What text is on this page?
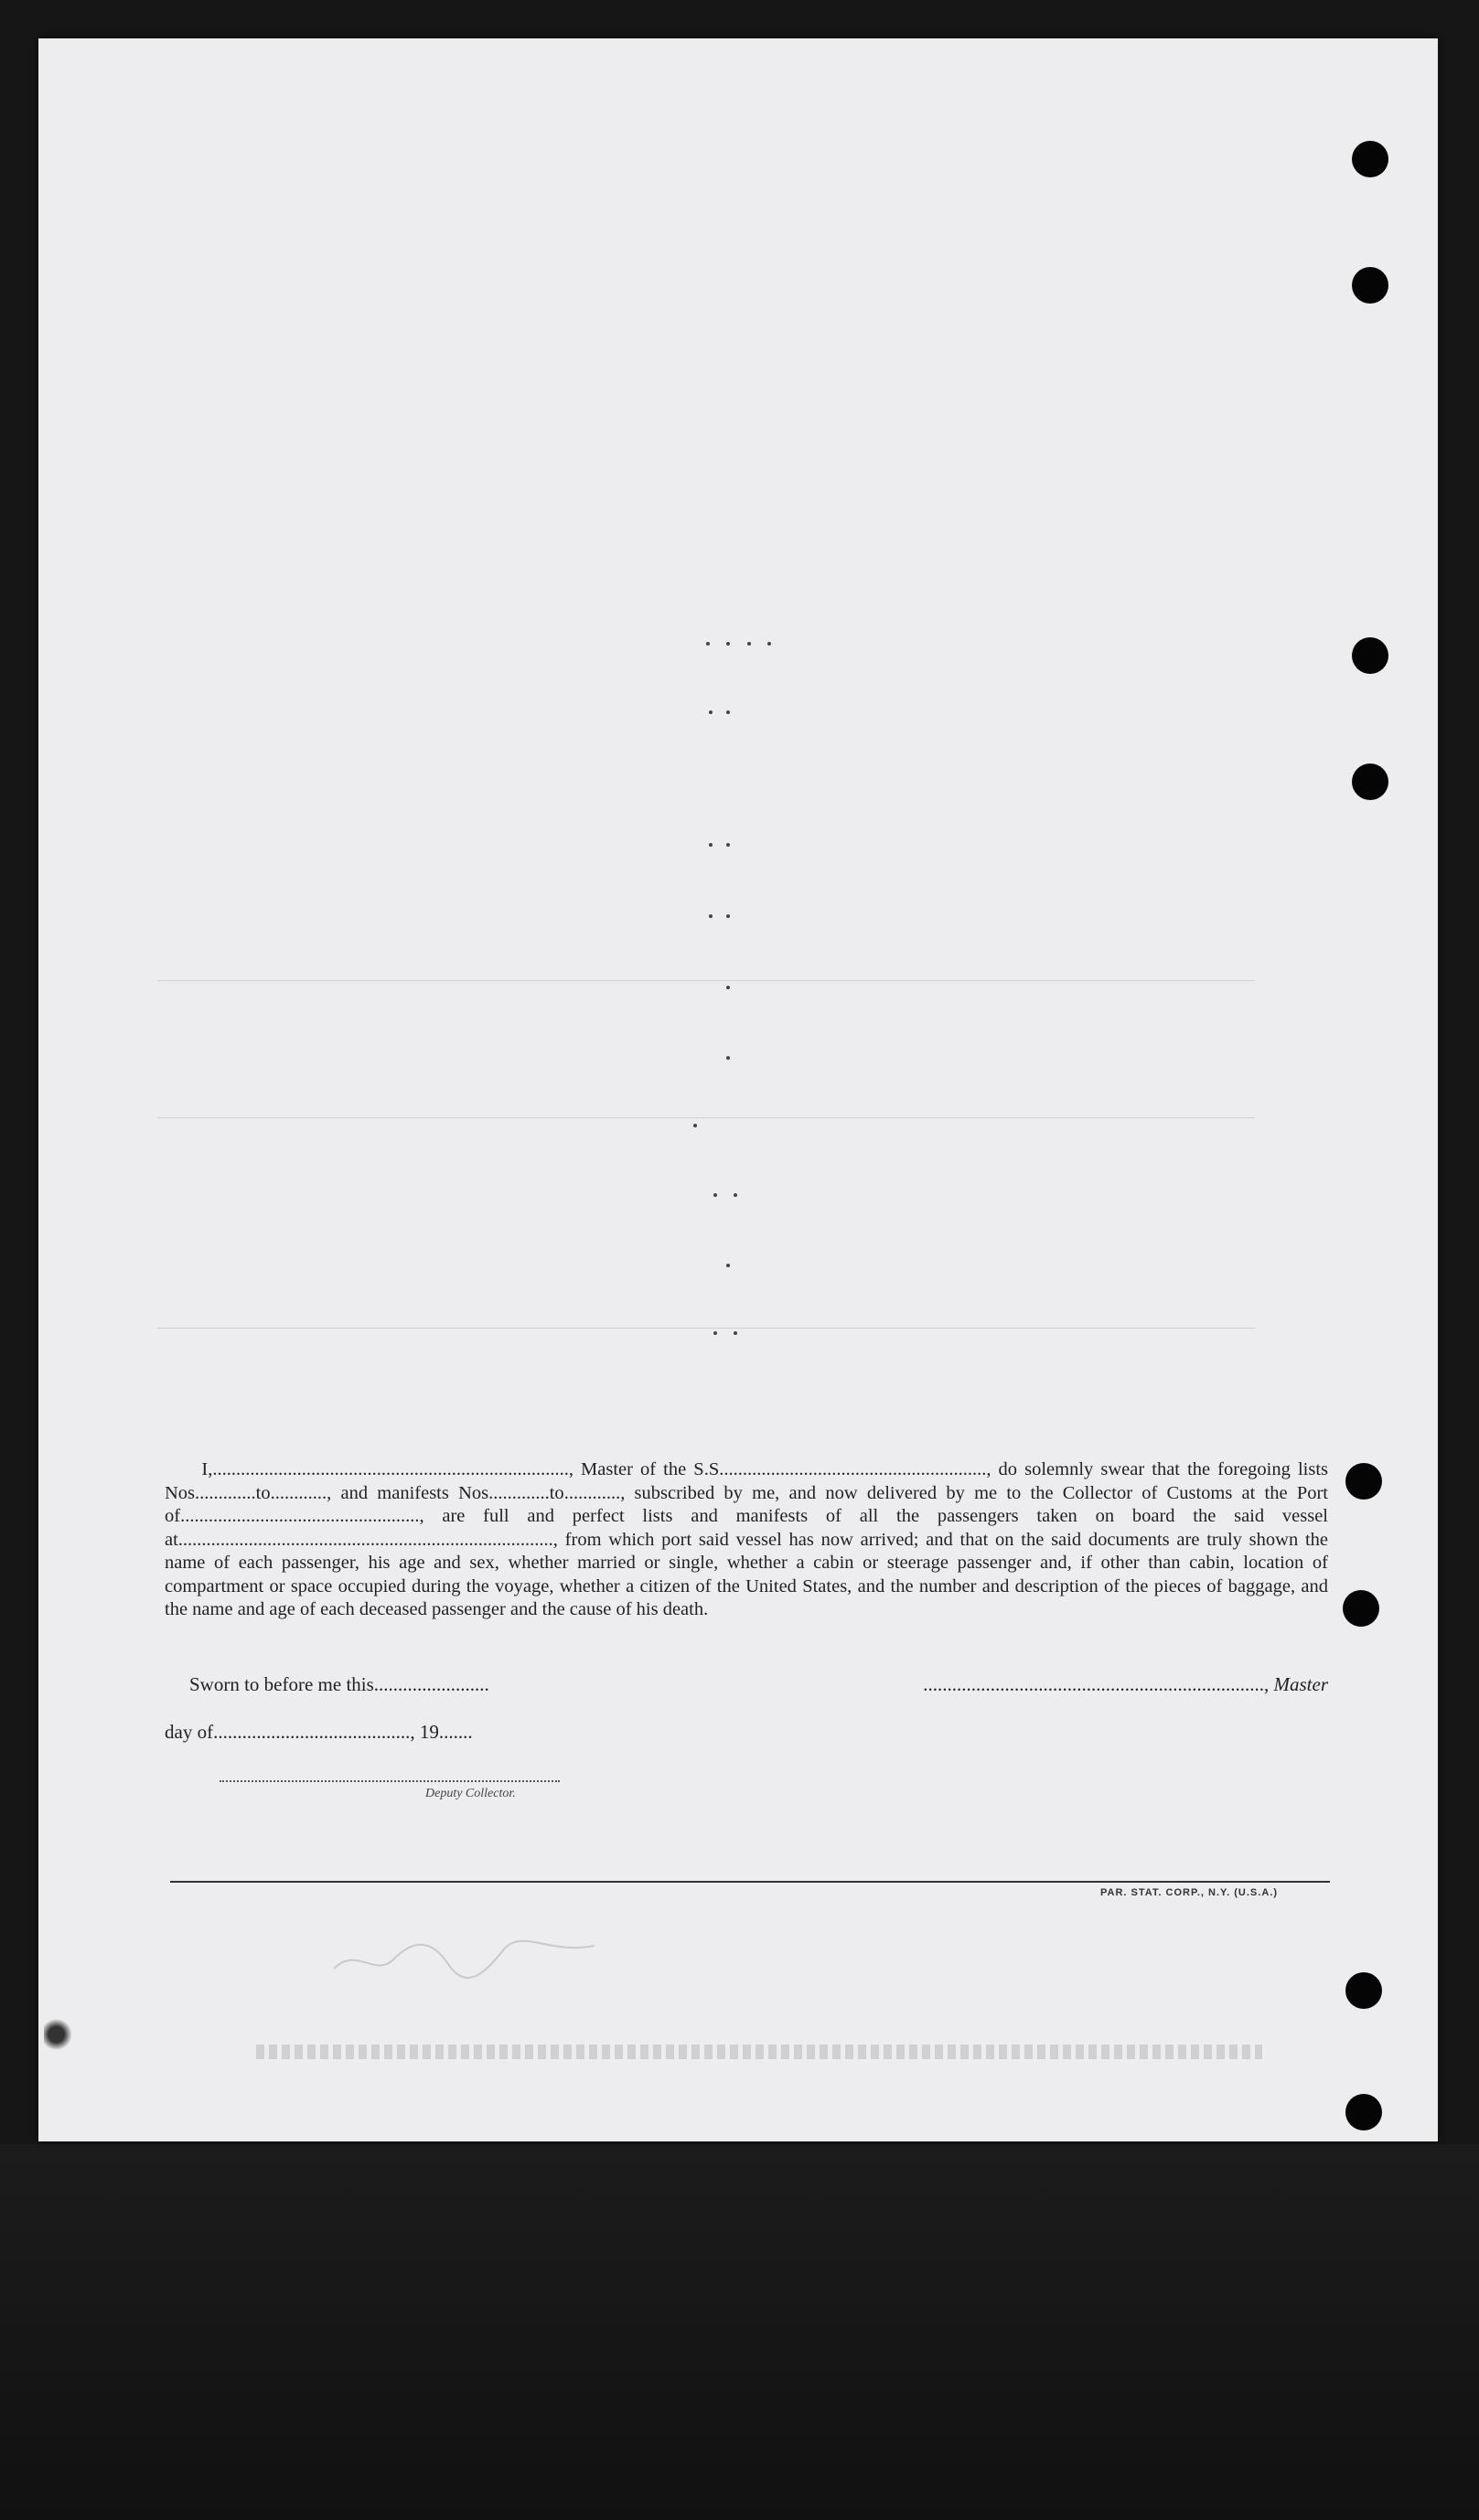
I,............................................................................, Master of the S.S........................................................., do solemnly swear that the foregoing lists Nos.............to............, and manifests Nos.............to............, subscribed by me, and now delivered by me to the Collector of Customs at the Port of..................................................., are full and perfect lists and manifests of all the passengers taken on board the said vessel at................................................................................, from which port said vessel has now arrived; and that on the said documents are truly shown the name of each passenger, his age and sex, whether married or single, whether a cabin or steerage passenger and, if other than cabin, location of compartment or space occupied during the voyage, whether a citizen of the United States, and the number and description of the pieces of baggage, and the name and age of each deceased passenger and the cause of his death.

Sworn to before me this........................	......................................................................., Master
day of........................................., 19.......
Deputy Collector.
PAR. STAT. CORP., N.Y. (U.S.A.)
